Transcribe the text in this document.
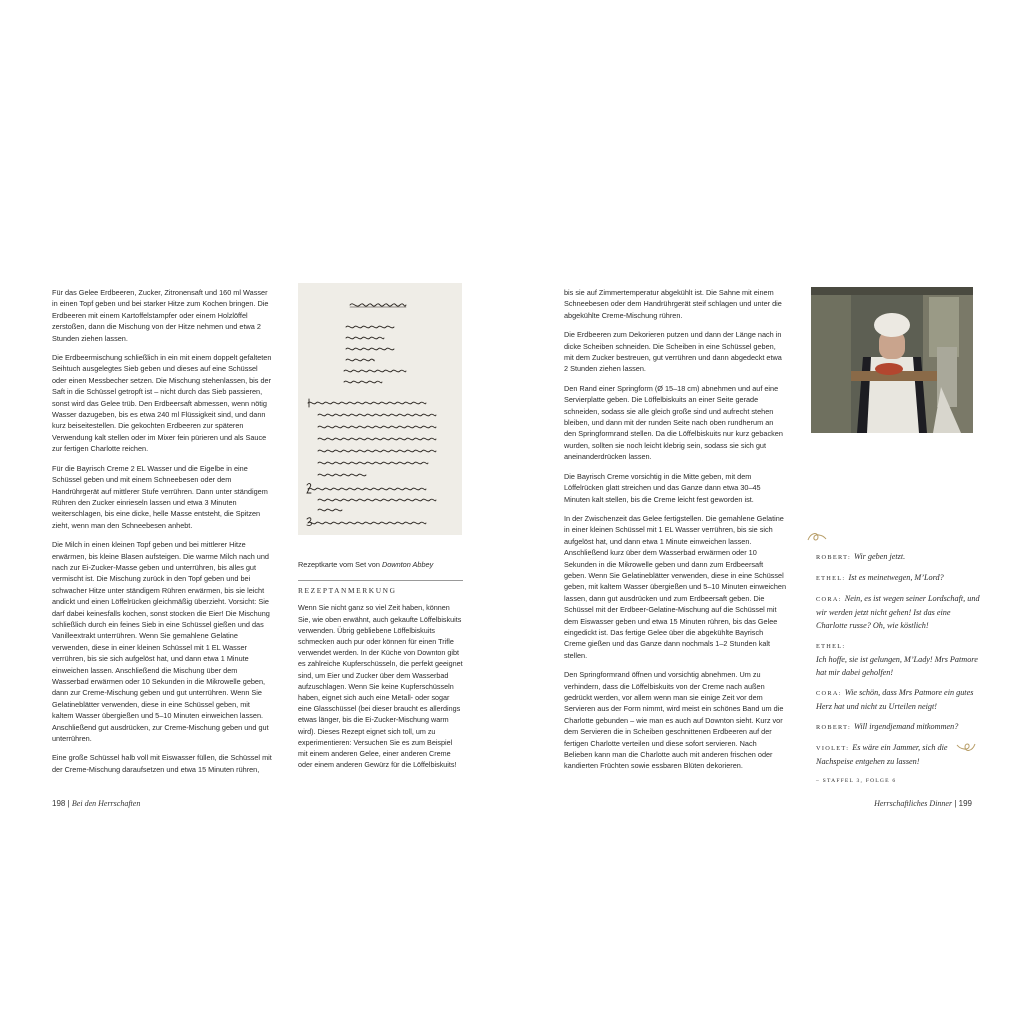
Für das Gelee Erdbeeren, Zucker, Zitronensaft und 160 ml Wasser in einen Topf geben und bei starker Hitze zum Kochen bringen. Die Erdbeeren mit einem Kartoffelstampfer oder einem Holzlöffel zerstoßen, dann die Mischung von der Hitze nehmen und etwa 2 Stunden ziehen lassen.

Die Erdbeermischung schließlich in ein mit einem doppelt gefalteten Seihtuch ausgelegtes Sieb geben und dieses auf eine Schüssel oder einen Messbecher setzen. Die Mischung stehenlassen, bis der Saft in die Schüssel getropft ist – nicht durch das Sieb passieren, sonst wird das Gelee trüb. Den Erdbeersaft abmessen, wenn nötig Wasser dazugeben, bis es etwa 240 ml Flüssigkeit sind, und dann kurz beiseitestellen. Die gekochten Erdbeeren zur späteren Verwendung kalt stellen oder im Mixer fein pürieren und als Sauce zur fertigen Charlotte reichen.

Für die Bayrisch Creme 2 EL Wasser und die Eigelbe in eine Schüssel geben und mit einem Schneebesen oder dem Handrührgerät auf mittlerer Stufe verrühren. Dann unter ständigem Rühren den Zucker einrieseln lassen und etwa 3 Minuten weiterschlagen, bis eine dicke, helle Masse entsteht, die Spitzen zieht, wenn man den Schneebesen anhebt.

Die Milch in einen kleinen Topf geben und bei mittlerer Hitze erwärmen, bis kleine Blasen aufsteigen. Die warme Milch nach und nach zur Ei-Zucker-Masse geben und unterrühren, bis alles gut vermischt ist. Die Mischung zurück in den Topf geben und bei schwacher Hitze unter ständigem Rühren erwärmen, bis sie leicht andickt und einen Löffelrücken gleichmäßig überzieht. Vorsicht: Sie darf dabei keinesfalls kochen, sonst stocken die Eier! Die Mischung schließlich durch ein feines Sieb in eine Schüssel gießen und das Vanilleextrakt unterrühren. Wenn Sie gemahlene Gelatine verwenden, diese in einer kleinen Schüssel mit 1 EL Wasser verrühren, bis sie sich aufgelöst hat, und dann etwa 1 Minute einweichen lassen. Anschließend die Mischung über dem Wasserbad erwärmen oder 10 Sekunden in die Mikrowelle geben, dann zur Creme-Mischung geben und gut unterrühren. Wenn Sie Gelatineblätter verwenden, diese in eine Schüssel geben, mit kaltem Wasser übergießen und 5–10 Minuten einweichen lassen. Anschließend gut ausdrücken, zur Creme-Mischung geben und gut unterrühren.

Eine große Schüssel halb voll mit Eiswasser füllen, die Schüssel mit der Creme-Mischung daraufsetzen und etwa 15 Minuten rühren,

Rezeptkarte vom Set von Downton Abbey

REZEPTANMERKUNG

Wenn Sie nicht ganz so viel Zeit haben, können Sie, wie oben erwähnt, auch gekaufte Löffelbiskuits verwenden. Übrig gebliebene Löffelbiskuits schmecken auch pur oder können für einen Trifle verwendet werden. In der Küche von Downton gibt es zahlreiche Kupferschüsseln, die perfekt geeignet sind, um Eier und Zucker über dem Wasserbad aufzuschlagen. Wenn Sie keine Kupferschüsseln haben, eignet sich auch eine Metall- oder sogar eine Glasschüssel (bei dieser braucht es allerdings etwas länger, bis die Ei-Zucker-Mischung warm wird). Dieses Rezept eignet sich toll, um zu experimentieren: Versuchen Sie es zum Beispiel mit einem anderen Gelee, einer anderen Creme oder einem anderen Gewürz für die Löffelbiskuits!

198 | Bei den Herrschaften

bis sie auf Zimmertemperatur abgekühlt ist. Die Sahne mit einem Schneebesen oder dem Handrührgerät steif schlagen und unter die abgekühlte Creme-Mischung rühren.

Die Erdbeeren zum Dekorieren putzen und dann der Länge nach in dicke Scheiben schneiden. Die Scheiben in eine Schüssel geben, mit dem Zucker bestreuen, gut verrühren und dann abgedeckt etwa 2 Stunden ziehen lassen.

Den Rand einer Springform (Ø 15–18 cm) abnehmen und auf eine Servierplatte geben. Die Löffelbiskuits an einer Seite gerade schneiden, sodass sie alle gleich große sind und aufrecht stehen bleiben, und dann mit der runden Seite nach oben rundherum an den Springformrand stellen. Da die Löffelbiskuits nur kurz gebacken wurden, sollten sie noch leicht klebrig sein, sodass sie sich gut aneinanderdrücken lassen.

Die Bayrisch Creme vorsichtig in die Mitte geben, mit dem Löffelrücken glatt streichen und das Ganze dann etwa 30–45 Minuten kalt stellen, bis die Creme leicht fest geworden ist.

In der Zwischenzeit das Gelee fertigstellen. Die gemahlene Gelatine in einer kleinen Schüssel mit 1 EL Wasser verrühren, bis sie sich aufgelöst hat, und dann etwa 1 Minute einweichen lassen. Anschließend kurz über dem Wasserbad erwärmen oder 10 Sekunden in die Mikrowelle geben und dann zum Erdbeersaft geben. Wenn Sie Gelatineblätter verwenden, diese in eine Schüssel geben, mit kaltem Wasser übergießen und 5–10 Minuten einweichen lassen, dann gut ausdrücken und zum Erdbeersaft geben. Die Schüssel mit der Erdbeer-Gelatine-Mischung auf die Schüssel mit dem Eiswasser geben und etwa 15 Minuten rühren, bis das Gelee eingedickt ist. Das fertige Gelee über die abgekühlte Bayrisch Creme gießen und das Ganze dann nochmals 1–2 Stunden kalt stellen.

Den Springformrand öffnen und vorsichtig abnehmen. Um zu verhindern, dass die Löffelbiskuits von der Creme nach außen gedrückt werden, vor allem wenn man sie einige Zeit vor dem Servieren aus der Form nimmt, wird meist ein schönes Band um die Charlotte gebunden – wie man es auch auf Downton sieht. Kurz vor dem Servieren die in Scheiben geschnittenen Erdbeeren auf der fertigen Charlotte verteilen und diese sofort servieren. Nach Belieben kann man die Charlotte auch mit anderen frischen oder kandierten Früchten sowie essbaren Blüten dekorieren.

ROBERT: Wir geben jetzt.
ETHEL: Ist es meinetwegen, M’Lord?
CORA: Nein, es ist wegen seiner Lordschaft, und wir werden jetzt nicht gehen! Ist das eine Charlotte russe? Oh, wie köstlich!
ETHEL:
Ich hoffe, sie ist gelungen, M’Lady! Mrs Patmore hat mir dabei geholfen!
CORA: Wie schön, dass Mrs Patmore ein gutes Herz hat und nicht zu Urteilen neigt!
ROBERT: Will irgendjemand mitkommen?
VIOLET: Es wäre ein Jammer, sich die Nachspeise entgehen zu lassen!
– STAFFEL 3, FOLGE 6
Herrschaftliches Dinner | 199
